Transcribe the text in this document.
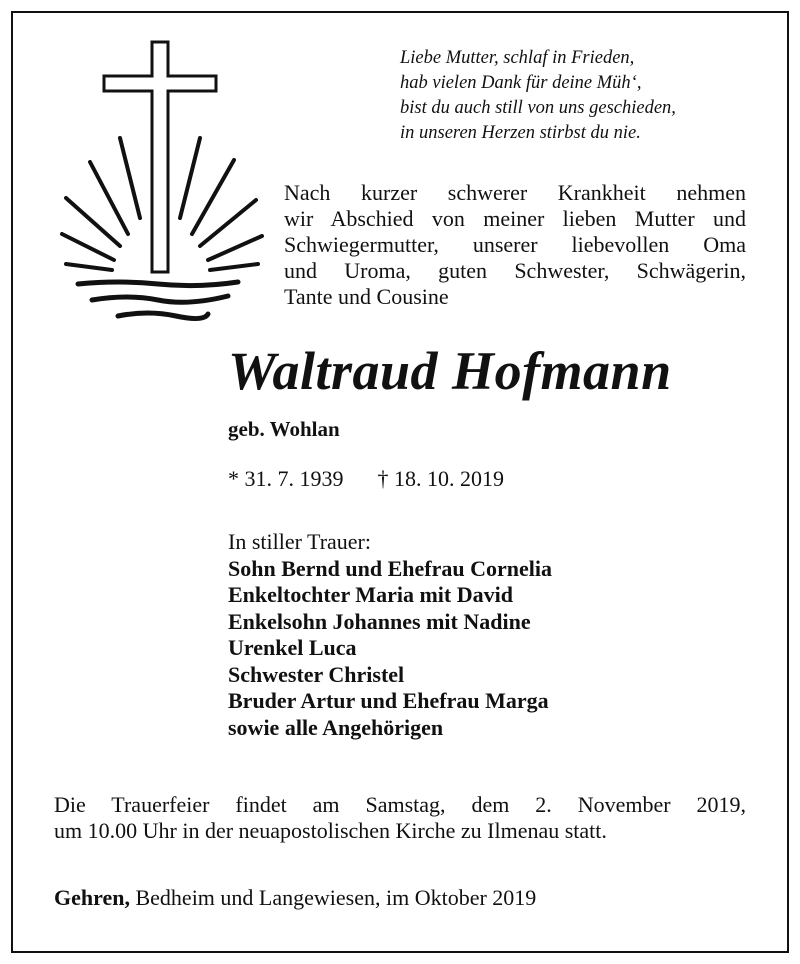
Liebe Mutter, schlaf in Frieden,
hab vielen Dank für deine Müh‘,
bist du auch still von uns geschieden,
in unseren Herzen stirbst du nie.
Nach kurzer schwerer Krankheit nehmen
wir Abschied von meiner lieben Mutter und
Schwiegermutter, unserer liebevollen Oma
und Uroma, guten Schwester, Schwägerin,
Tante und Cousine
Waltraud Hofmann
geb. Wohlan
* 31. 7. 1939 † 18. 10. 2019
In stiller Trauer:
Sohn Bernd und Ehefrau Cornelia
Enkeltochter Maria mit David
Enkelsohn Johannes mit Nadine
Urenkel Luca
Schwester Christel
Bruder Artur und Ehefrau Marga
sowie alle Angehörigen
Die Trauerfeier findet am Samstag, dem 2. November 2019,
um 10.00 Uhr in der neuapostolischen Kirche zu Ilmenau statt.
Gehren, Bedheim und Langewiesen, im Oktober 2019
